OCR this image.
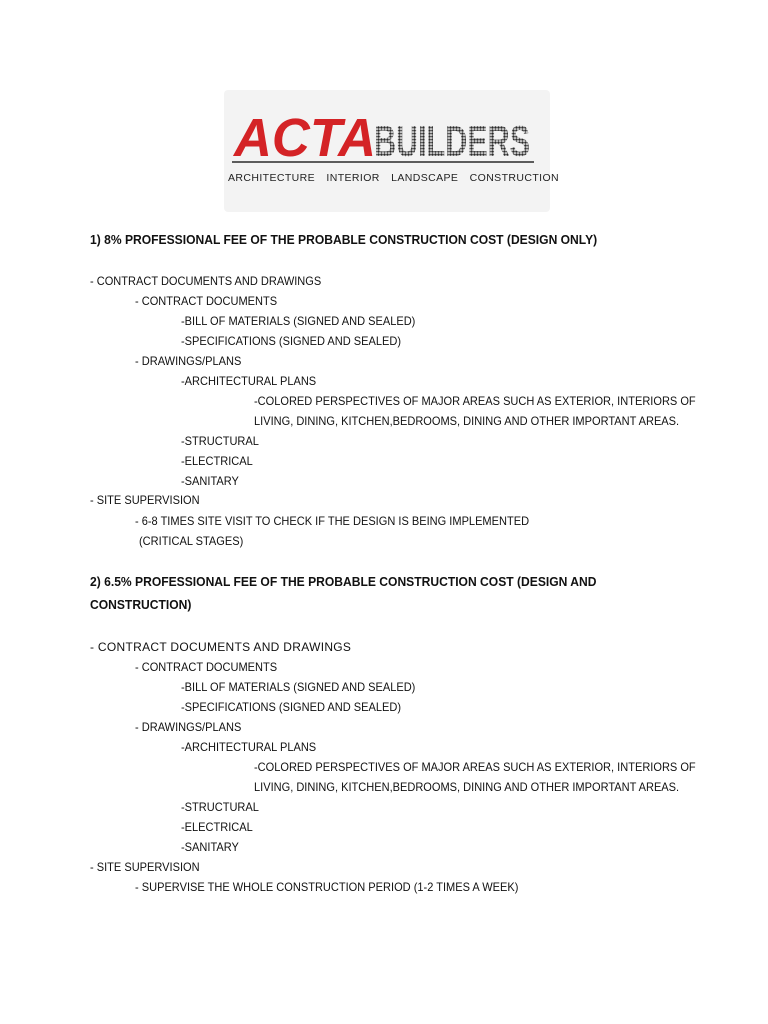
ACTA
BUILDERS
ARCHITECTURE INTERIOR LANDSCAPE CONSTRUCTION
1) 8% PROFESSIONAL FEE OF THE PROBABLE CONSTRUCTION COST (DESIGN ONLY)
- CONTRACT DOCUMENTS AND DRAWINGS
- CONTRACT DOCUMENTS
-BILL OF MATERIALS (SIGNED AND SEALED)
-SPECIFICATIONS (SIGNED AND SEALED)
- DRAWINGS/PLANS
-ARCHITECTURAL PLANS
-COLORED PERSPECTIVES OF MAJOR AREAS SUCH AS EXTERIOR, INTERIORS OF
LIVING, DINING, KITCHEN,BEDROOMS, DINING AND OTHER IMPORTANT AREAS.
-STRUCTURAL
-ELECTRICAL
-SANITARY
- SITE SUPERVISION
- 6-8 TIMES SITE VISIT TO CHECK IF THE DESIGN IS BEING IMPLEMENTED
(CRITICAL STAGES)
2) 6.5% PROFESSIONAL FEE OF THE PROBABLE CONSTRUCTION COST (DESIGN AND
CONSTRUCTION)
- CONTRACT DOCUMENTS AND DRAWINGS
- CONTRACT DOCUMENTS
-BILL OF MATERIALS (SIGNED AND SEALED)
-SPECIFICATIONS (SIGNED AND SEALED)
- DRAWINGS/PLANS
-ARCHITECTURAL PLANS
-COLORED PERSPECTIVES OF MAJOR AREAS SUCH AS EXTERIOR, INTERIORS OF
LIVING, DINING, KITCHEN,BEDROOMS, DINING AND OTHER IMPORTANT AREAS.
-STRUCTURAL
-ELECTRICAL
-SANITARY
- SITE SUPERVISION
- SUPERVISE THE WHOLE CONSTRUCTION PERIOD (1-2 TIMES A WEEK)
